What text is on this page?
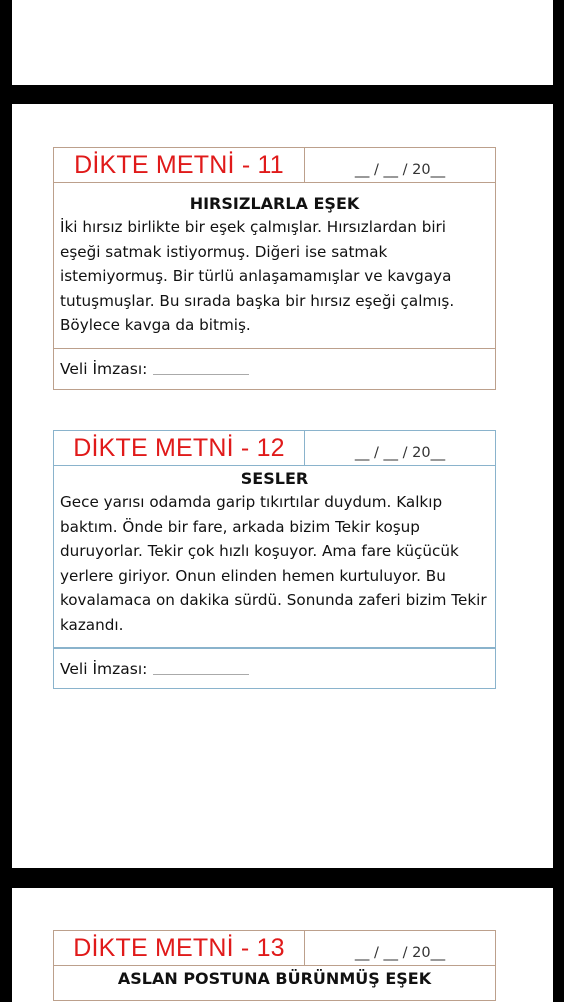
DİKTE METNİ - 11	__ / __ / 20__
HIRSIZLARLA EŞEK
İki hırsız birlikte bir eşek çalmışlar. Hırsızlardan biri eşeği satmak istiyormuş. Diğeri ise satmak istemiyormuş. Bir türlü anlaşamamışlar ve kavgaya tutuşmuşlar. Bu sırada başka bir hırsız eşeği çalmış. Böylece kavga da bitmiş.
Veli İmzası:
DİKTE METNİ - 12	__ / __ / 20__
SESLER
Gece yarısı odamda garip tıkırtılar duydum. Kalkıp baktım. Önde bir fare, arkada bizim Tekir koşup duruyorlar. Tekir çok hızlı koşuyor. Ama fare küçücük yerlere giriyor. Onun elinden hemen kurtuluyor. Bu kovalamaca on dakika sürdü. Sonunda zaferi bizim Tekir kazandı.
Veli İmzası:
DİKTE METNİ - 13	__ / __ / 20__
ASLAN POSTUNA BÜRÜNMÜŞ EŞEK
